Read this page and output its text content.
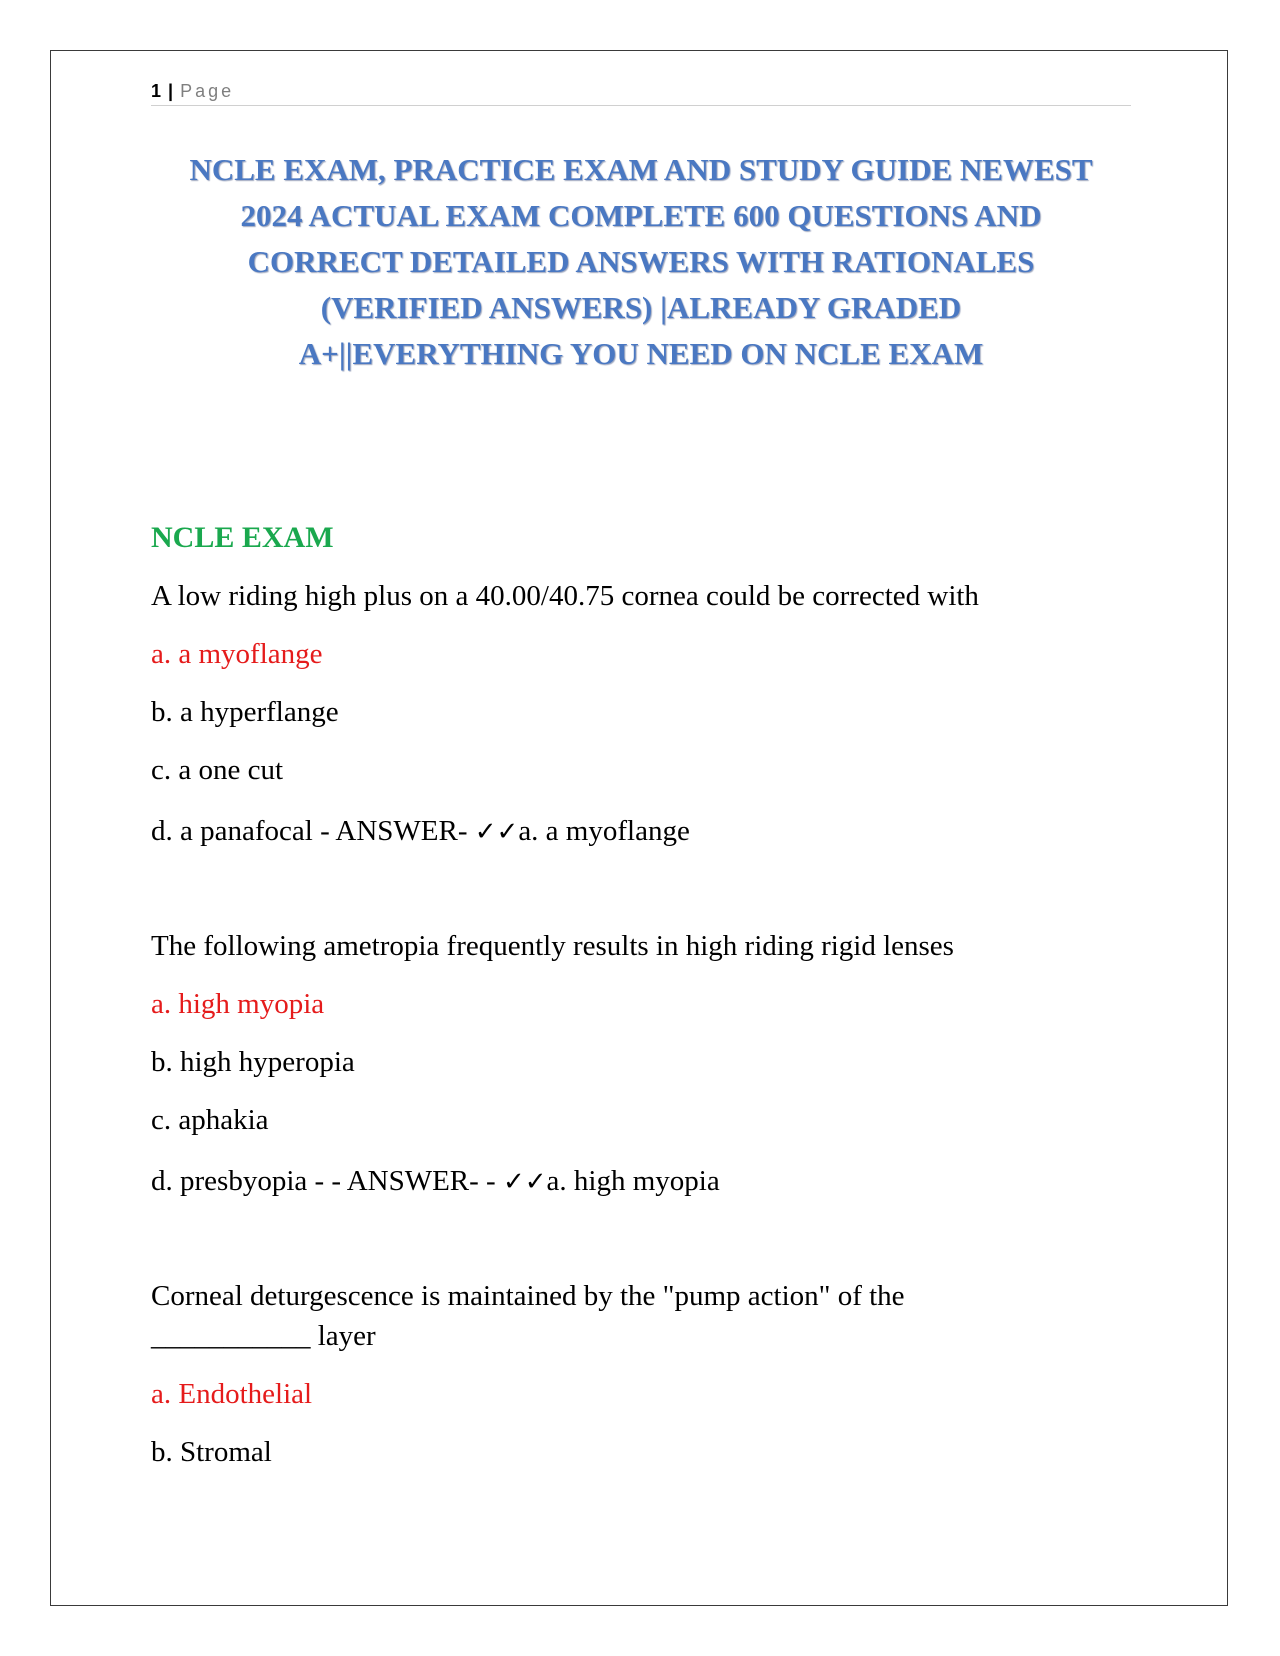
1 | Page
NCLE EXAM, PRACTICE EXAM AND STUDY GUIDE NEWEST
2024 ACTUAL EXAM COMPLETE 600 QUESTIONS AND
CORRECT DETAILED ANSWERS WITH RATIONALES
(VERIFIED ANSWERS) |ALREADY GRADED
A+||EVERYTHING YOU NEED ON NCLE EXAM

NCLE EXAM

A low riding high plus on a 40.00/40.75 cornea could be corrected with

a. a myoflange

b. a hyperflange

c. a one cut

d. a panafocal - ANSWER- ✓✓a. a myoflange

The following ametropia frequently results in high riding rigid lenses

a. high myopia

b. high hyperopia

c. aphakia

d. presbyopia - - ANSWER- - ✓✓a. high myopia

Corneal deturgescence is maintained by the "pump action" of the
___________ layer

a. Endothelial

b. Stromal
